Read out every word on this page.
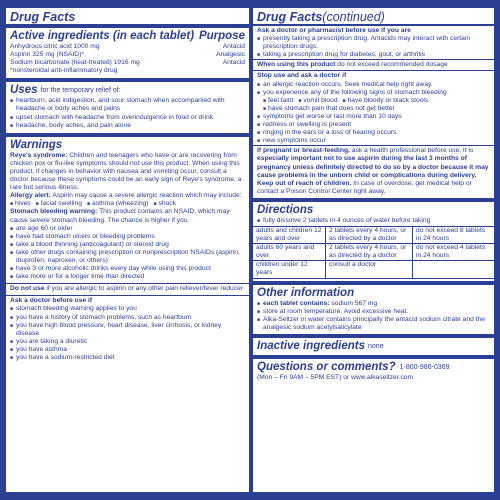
Drug Facts
Active ingredients (in each tablet) Purpose
Anhydrous citric acid 1000 mg	Antacid
Aspirin 325 mg (NSAID)*	Analgesic
Sodium bicarbonate (heat-treated) 1916 mg	Antacid
*nonsteroidal anti-inflammatory drug
Uses for the temporary relief of:
■ heartburn, acid indigestion, and sour stomach when accompanied with headache or body aches and pains
■ upset stomach with headache from overindulgence in food or drink
■ headache, body aches, and pain alone
Warnings
Reye's syndrome: Children and teenagers who have or are recovering from chicken pox or flu-like symptoms should not use this product. When using this product, if changes in behavior with nausea and vomiting occur, consult a doctor because these symptoms could be an early sign of Reye's syndrome, a rare but serious illness.
Allergy alert: Aspirin may cause a severe allergic reaction which may include:
■ hives	■ facial swelling	■ asthma (wheezing)	■ shock
Stomach bleeding warning: This product contains an NSAID, which may cause severe stomach bleeding. The chance is higher if you
■ are age 60 or older
■ have had stomach ulcers or bleeding problems
■ take a blood thinning (anticoagulant) or steroid drug
■ take other drugs containing prescription or nonprescription NSAIDs (aspirin, ibuprofen, naproxen, or others)
■ have 3 or more alcoholic drinks every day while using this product
■ take more or for a longer time than directed
Do not use if you are allergic to aspirin or any other pain reliever/fever reducer
Ask a doctor before use if
■ stomach bleeding warning applies to you
■ you have a history of stomach problems, such as heartburn
■ you have high blood pressure, heart disease, liver cirrhosis, or kidney disease
■ you are taking a diuretic
■ you have asthma
■ you have a sodium-restricted diet
Drug Facts(continued)
Ask a doctor or pharmacist before use if you are
■ presently taking a prescription drug. Antacids may interact with certain prescription drugs.
■ taking a prescription drug for diabetes, gout, or arthritis
When using this product do not exceed recommended dosage
Stop use and ask a doctor if
■ an allergic reaction occurs. Seek medical help right away.
■ you experience any of the following signs of stomach bleeding
■ feel faint	■ vomit blood	■ have bloody or black stools
■ have stomach pain that does not get better
■ symptoms get worse or last more than 10 days
■ redness or swelling is present
■ ringing in the ears or a loss of hearing occurs
■ new symptoms occur
If pregnant or breast-feeding, ask a health professional before use. It is especially important not to use aspirin during the last 3 months of pregnancy unless definitely directed to do so by a doctor because it may cause problems in the unborn child or complications during delivery.
Keep out of reach of children. In case of overdose, get medical help or contact a Poison Control Center right away.
Directions
■ fully dissolve 2 tablets in 4 ounces of water before taking
adults and children 12 years and over	2 tablets every 4 hours, or as directed by a doctor	do not exceed 8 tablets in 24 hours
adults 60 years and over	2 tablets every 4 hours, or as directed by a doctor	do not exceed 4 tablets in 24 hours
children under 12 years	consult a doctor	
Other information
■ each tablet contains: sodium 567 mg
■ store at room temperature. Avoid excessive heat.
■ Alka-Seltzer in water contains principally the antacid sodium citrate and the analgesic sodium acetylsalicylate
Inactive ingredients none
Questions or comments? 1-800-986-0369
(Mon – Fri 9AM – 5PM EST) or www.alkaseltzer.com
